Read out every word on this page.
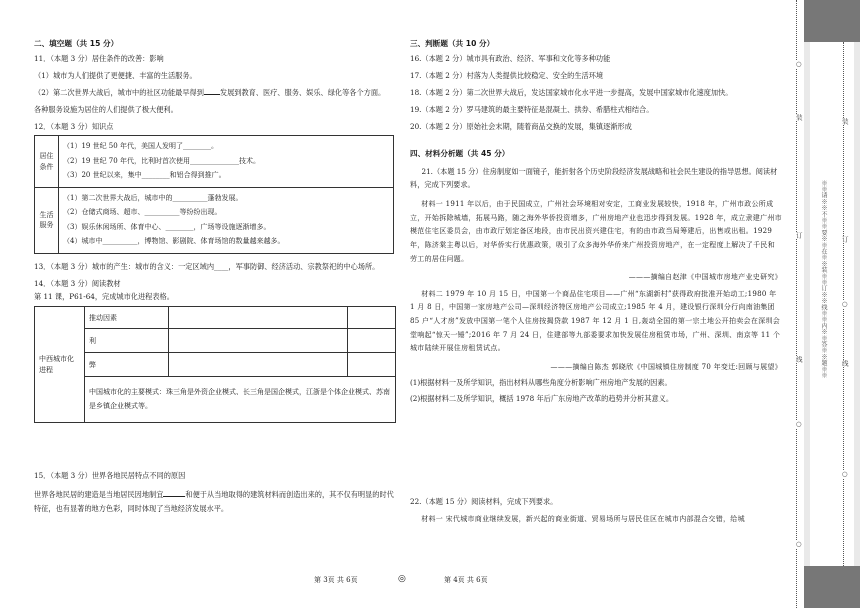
二、填空题（共 15 分）
11．（本题 3 分）居住条件的改善：影响
（1）城市为人们提供了更便捷、丰富的生活服务。
（2）第二次世界大战后，城市中的社区功能最早得到 发展到教育、医疗、服务、娱乐、绿化等各个方面。
各种服务设施为居住的人们提供了极大便利。
12．（本题 3 分）知识点
居住条件	（1）19 世纪 50 年代，美国人发明了________。
（2）19 世纪 70 年代，比利时首次使用______________技术。
（3）20 世纪以来，集中________和铝合得到推广。

生活服务	（1）第二次世界大战后，城市中的__________蓬勃发展。
（2）仓储式商场、超市、__________等纷纷出现。
（3）娱乐休闲场所、体育中心、________，广场等设施逐渐增多。
（4）城市中__________，博物馆、影剧院、体育场馆的数量越来越多。
13．（本题 3 分）城市的产生：城市的含义：一定区域内____，军事防御、经济活动、宗教祭祀的中心场所。
14．（本题 3 分）阅读教材
第 11 课，P61-64，完成城市化进程表格。
中西城市化进程	推动因素		
	利		
	弊		
	中国城市化的主要模式：珠三角是外资企业模式、长三角是国企模式，江浙是个体企业模式、苏南是乡镇企业模式等。		
15．（本题 3 分）世界各地民居特点不同的原因
世界各地民居的建造是当地居民因地制宜	和便于从当地取得的建筑材料而创造出来的，其不仅有明显的时代特征，也有显著的地方色彩，同时体现了当地经济发展水平。
三、判断题（共 10 分）
16.（本题 2 分）城市具有政治、经济、军事和文化等多种功能
17.（本题 2 分）村落为人类提供比较稳定、安全的生活环境
18.（本题 2 分）第二次世界大战后，发达国家城市化水平进一步提高，发展中国家城市化速度加快。
19.（本题 2 分）罗马建筑的最主要特征是混凝土、拱券、希腊柱式相结合。
20.（本题 2 分）原始社会末期，随着商品交换的发展，集镇逐渐形成
四、材料分析题（共 45 分）
21.（本题 15 分）住房制度如一面镜子，能折射各个历史阶段经济发展战略和社会民生建设的指导思想。阅读材料，完成下列要求。
材料一 1911 年以后，由于民国成立，广州社会环境相对安定，工商业发展较快，1918 年，广州市政公所成立，开始拆除城墙，拓展马路，随之海外华侨投资增多，广州房地产业也迅步得到发展。1928 年，成立隶建广州市模范住宅区委员会，由市政厅划定备区地段，由市民出资兴建住宅，有的由市政当局筹建后，出售或出租。1929 年，陈济棠主粤以后，对华侨实行优惠政策，吸引了众多海外华侨来广州投资房地产，在一定程度上解决了千民和劳工的居住问题。
———摘编自赵津《中国城市房地产业史研究》
材料二 1979 年 10 月 15 日，中国第一个商品住宅项目——广州“东湖新村”获得政府批准开始动工;1980 年 1 月 8 日，中国第一家房地产公司—深圳经济特区房地产公司成立;1985 年 4 月，建设银行深圳分行向南油集团 85 户“人才房”发放中国第一笔个人住房按揭贷款 1987 年 12 月 1 日,轰动全国的第一宗土地公开拍卖会在深圳会堂响起“惊天一锤”;2016 年 7 月 24 日，住建部等九部委要求加快发展住房租赁市场，广州、深圳、南京等 11 个城市陆续开展住房租赁试点。
———摘编自陈杰 郭晓欣《中国城镇住房制度 70 年变迁:回顾与展望》
(1)根据材料一及所学知识，指出材料从哪些角度分析影响广州房地产发展的因素。
(2)根据材料二及所学知识，概括 1978 年后广东房地产改革的趋势并分析其意义。
22.（本题 15 分）阅读材料，完成下列要求。
材料一 宋代城市商业继续发展，新兴起的商业街道、贸易场所与居民住区在城市内部混合交错，给城
第 3页 共 6页	◎	第 4页 共 6页
装
订
线
○
○
○
装
订
线
○
○
※※请※※不※※要※※在※※装※※订※※线※※内※※答※※题※※
